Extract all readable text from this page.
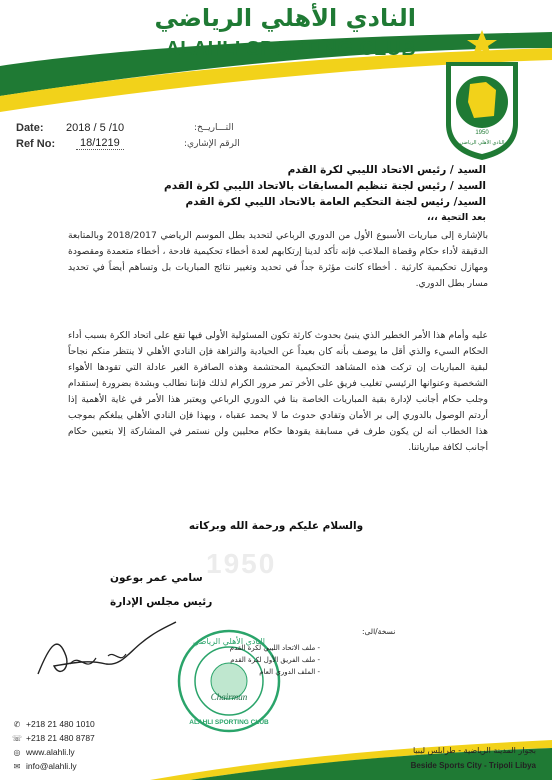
النادي الأهلي الرياضي
ALAHLI SPORTING CLUB
1950
النادي الأهلي الرياضي
Date: 2018 / 5 /10	التـــاريــخ:
Ref No:	18/1219	الرقم الإشاري:
السيد / رئيس الاتحاد الليبي لكرة القدم
السيد / رئيس لجنة تنظيم المسابقات بالاتحاد الليبي لكرة القدم
السيد/ رئيس لجنة التحكيم العامة بالاتحاد الليبي لكرة القدم
بعد التحية ،،،
بالإشارة إلى مباريات الأسبوع الأول من الدوري الرباعي لتحديد بطل الموسم الرياضي 2018/2017 وبالمتابعة الدقيقة لأداء حكام وقضاة الملاعب فإنه تأكد لدينا إرتكابهم لعدة أخطاء تحكيمية فادحة ، أخطاء متعمدة ومقصودة ومهازل تحكيمية كارثية . أخطاء كانت مؤثرة جداً في تحديد وتغيير نتائج المباريات بل وتساهم أيضاً في تحديد مسار بطل الدوري.
عليه وأمام هذا الأمر الخطير الذي ينبئ بحدوث كارثة تكون المسئولية الأولى فيها تقع على اتحاد الكرة بسبب أداء الحكام السيء والذي أقل ما يوصف بأنه كان بعيداً عن الحيادية والنزاهة فإن النادي الأهلي لا ينتظر منكم نجاحاً لبقية المباريات إن تركت هذه المشاهد التحكيمية المحتشمة وهذه الصافرة الغير عادلة التي تقودها الأهواء الشخصية وعنوانها الرئيسي تغليب فريق على الأخر تمر مرور الكرام لذلك فإننا نطالب وبشدة بضرورة إستقدام وجلب حكام أجانب لإدارة بقية المباريات الخاصة بنا في الدوري الرباعي ويعتبر هذا الأمر في غاية الأهمية إذا أردتم الوصول بالدوري إلى بر الأمان وتفادي حدوث ما لا يحمد عقباه ، وبهذا فإن النادي الأهلي يبلغكم بموجب هذا الخطاب أنه لن يكون طرف في مسابقة يقودها حكام محليين ولن نستمر في المشاركة إلا بتعيين حكام أجانب لكافة مبارياتنا.
1950
والسلام عليكم ورحمة الله وبركاته
سامي عمر بوعون
رئيس مجلس الإدارة
النادي الأهلي الرياضي
ALAHLI SPORTING CLUB
Chairman
نسخة/الى:
- ملف الاتحاد الليبي لكرة القدم
- ملف الفريق الأول لكرة القدم
- الملف الدوري العام
✆ +218 21 480 1010
☏ +218 21 480 8787
◎ www.alahli.ly
✉ info@alahli.ly
بجوار المدينة الرياضية - طرابلس ليبيا
Beside Sports City - Tripoli Libya
